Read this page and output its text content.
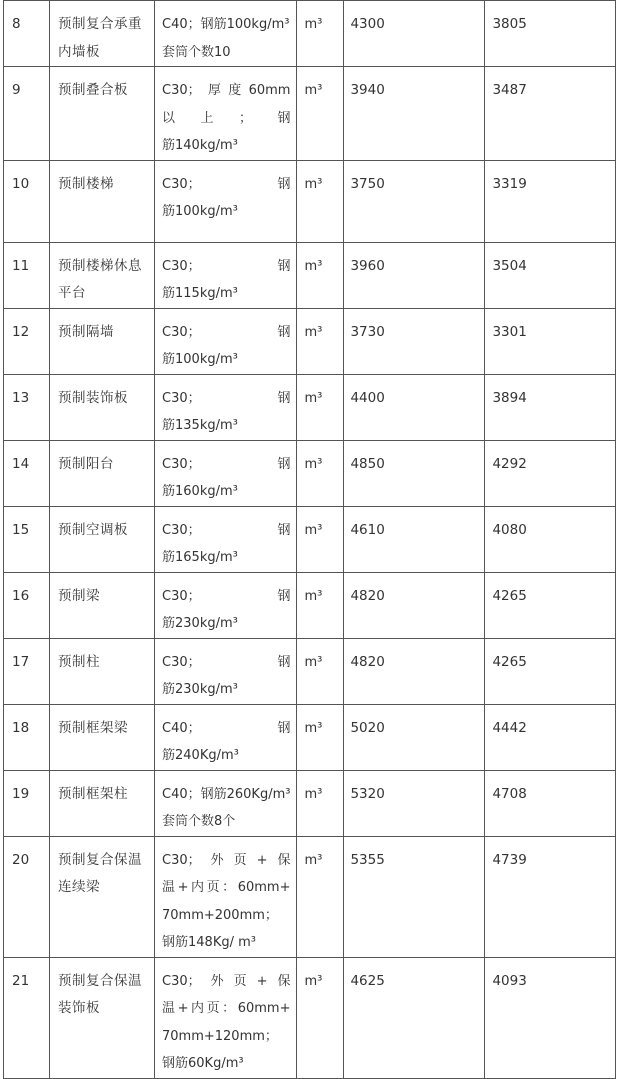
8	预制复合承重
内墙板	C40；钢筋100kg/m³
套筒个数10	m³	4300	3805

9	预制叠合板	C30；厚度60mm
以上；钢
筋140kg/m³	m³	3940	3487

10	预制楼梯	C30；钢
筋100kg/m³	m³	3750	3319

11	预制楼梯休息
平台	C30；钢
筋115kg/m³	m³	3960	3504

12	预制隔墙	C30；钢
筋100kg/m³	m³	3730	3301

13	预制装饰板	C30；钢
筋135kg/m³	m³	4400	3894

14	预制阳台	C30；钢
筋160kg/m³	m³	4850	4292

15	预制空调板	C30；钢
筋165kg/m³	m³	4610	4080

16	预制梁	C30；钢
筋230kg/m³	m³	4820	4265

17	预制柱	C30；钢
筋230kg/m³	m³	4820	4265

18	预制框架梁	C40；钢
筋240Kg/m³	m³	5020	4442

19	预制框架柱	C40；钢筋260Kg/m³
套筒个数8个	m³	5320	4708

20	预制复合保温
连续梁	C30；外页+保
温+内页：60mm+
70mm+200mm；
钢筋148Kg/ m³	m³	5355	4739

21	预制复合保温
装饰板	C30；外页+保
温+内页：60mm+
70mm+120mm；
钢筋60Kg/m³	m³	4625	4093
